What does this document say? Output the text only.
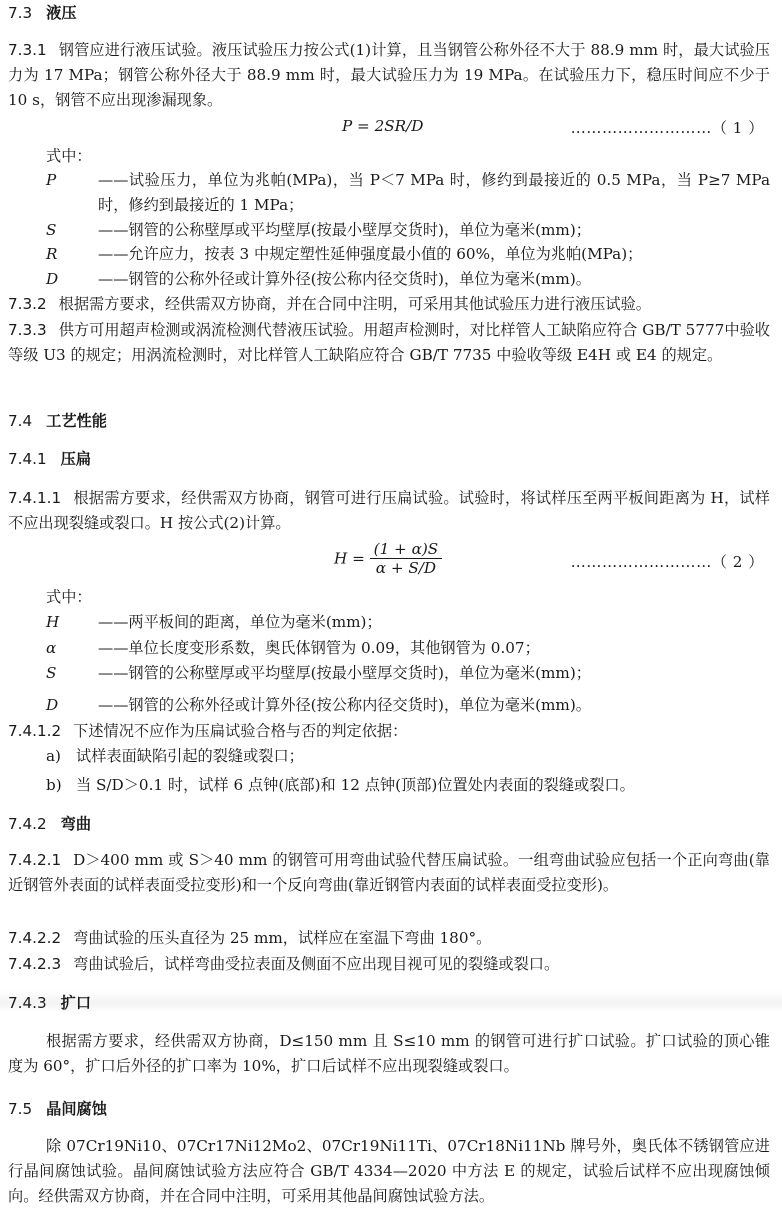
7.3 液压
7.3.1 钢管应进行液压试验。液压试验压力按公式(1)计算，且当钢管公称外径不大于 88.9 mm 时，最大试验压力为 17 MPa；钢管公称外径大于 88.9 mm 时，最大试验压力为 19 MPa。在试验压力下，稳压时间应不少于 10 s，钢管不应出现渗漏现象。
P = 2SR/D	………………………（ 1 ）
式中：
P	——试验压力，单位为兆帕(MPa)，当 P＜7 MPa 时，修约到最接近的 0.5 MPa，当 P≥7 MPa 时，修约到最接近的 1 MPa；
S	——钢管的公称壁厚或平均壁厚(按最小壁厚交货时)，单位为毫米(mm)；
R	——允许应力，按表 3 中规定塑性延伸强度最小值的 60%，单位为兆帕(MPa)；
D	——钢管的公称外径或计算外径(按公称内径交货时)，单位为毫米(mm)。
7.3.2 根据需方要求，经供需双方协商，并在合同中注明，可采用其他试验压力进行液压试验。
7.3.3 供方可用超声检测或涡流检测代替液压试验。用超声检测时，对比样管人工缺陷应符合 GB/T 5777中验收等级 U3 的规定；用涡流检测时，对比样管人工缺陷应符合 GB/T 7735 中验收等级 E4H 或 E4 的规定。
7.4 工艺性能
7.4.1 压扁
7.4.1.1 根据需方要求，经供需双方协商，钢管可进行压扁试验。试验时，将试样压至两平板间距离为 H，试样不应出现裂缝或裂口。H 按公式(2)计算。
$H = \frac{(1 + \alpha)S}{\alpha + S/D}$	………………………（ 2 ）
式中：
H	——两平板间的距离，单位为毫米(mm)；
α	——单位长度变形系数，奥氏体钢管为 0.09，其他钢管为 0.07；
S	——钢管的公称壁厚或平均壁厚(按最小壁厚交货时)，单位为毫米(mm)；
D	——钢管的公称外径或计算外径(按公称内径交货时)，单位为毫米(mm)。
7.4.1.2 下述情况不应作为压扁试验合格与否的判定依据：
a) 试样表面缺陷引起的裂缝或裂口；
b) 当 S/D＞0.1 时，试样 6 点钟(底部)和 12 点钟(顶部)位置处内表面的裂缝或裂口。
7.4.2 弯曲
7.4.2.1 D＞400 mm 或 S＞40 mm 的钢管可用弯曲试验代替压扁试验。一组弯曲试验应包括一个正向弯曲(靠近钢管外表面的试样表面受拉变形)和一个反向弯曲(靠近钢管内表面的试样表面受拉变形)。
7.4.2.2 弯曲试验的压头直径为 25 mm，试样应在室温下弯曲 180°。
7.4.2.3 弯曲试验后，试样弯曲受拉表面及侧面不应出现目视可见的裂缝或裂口。
7.4.3 扩口
根据需方要求，经供需双方协商，D≤150 mm 且 S≤10 mm 的钢管可进行扩口试验。扩口试验的顶心锥度为 60°，扩口后外径的扩口率为 10%，扩口后试样不应出现裂缝或裂口。
7.5 晶间腐蚀
除 07Cr19Ni10、07Cr17Ni12Mo2、07Cr19Ni11Ti、07Cr18Ni11Nb 牌号外，奥氏体不锈钢管应进行晶间腐蚀试验。晶间腐蚀试验方法应符合 GB/T 4334—2020 中方法 E 的规定，试验后试样不应出现腐蚀倾向。经供需双方协商，并在合同中注明，可采用其他晶间腐蚀试验方法。
